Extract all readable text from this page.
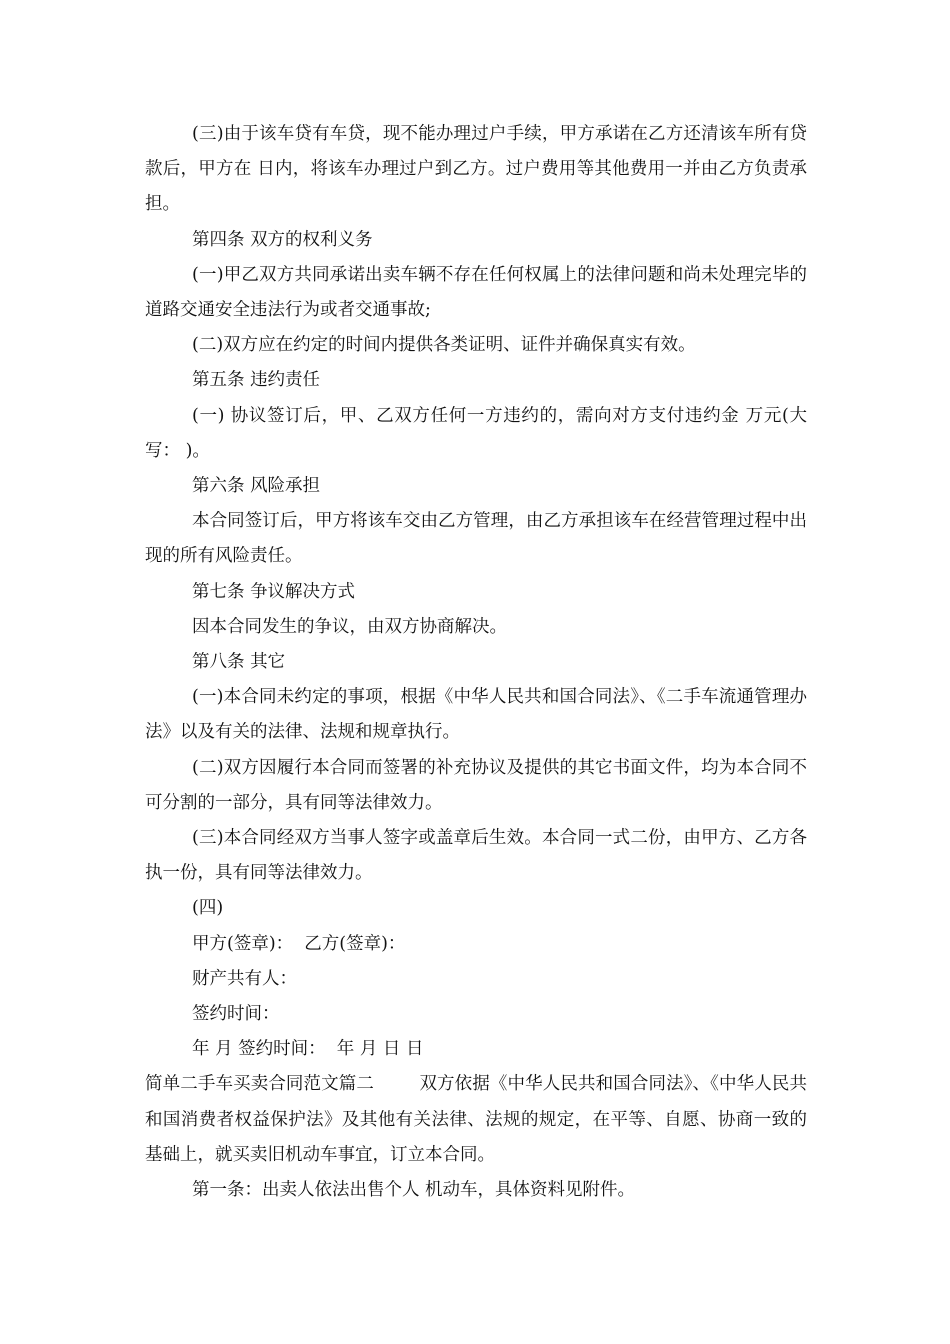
(三)由于该车贷有车贷，现不能办理过户手续，甲方承诺在乙方还清该车所有贷款后，甲方在 日内，将该车办理过户到乙方。过户费用等其他费用一并由乙方负责承担。

第四条 双方的权利义务

(一)甲乙双方共同承诺出卖车辆不存在任何权属上的法律问题和尚未处理完毕的道路交通安全违法行为或者交通事故;

(二)双方应在约定的时间内提供各类证明、证件并确保真实有效。

第五条 违约责任

(一) 协议签订后，甲、乙双方任何一方违约的，需向对方支付违约金 万元(大写： )。

第六条 风险承担

本合同签订后，甲方将该车交由乙方管理，由乙方承担该车在经营管理过程中出现的所有风险责任。

第七条 争议解决方式

因本合同发生的争议，由双方协商解决。

第八条 其它

(一)本合同未约定的事项，根据《中华人民共和国合同法》、《二手车流通管理办法》以及有关的法律、法规和规章执行。

(二)双方因履行本合同而签署的补充协议及提供的其它书面文件，均为本合同不可分割的一部分，具有同等法律效力。

(三)本合同经双方当事人签字或盖章后生效。本合同一式二份，由甲方、乙方各执一份，具有同等法律效力。

(四)

甲方(签章)：  乙方(签章)：

财产共有人：

签约时间：

年 月 签约时间：  年 月 日 日

简单二手车买卖合同范文篇二        双方依据《中华人民共和国合同法》、《中华人民共和国消费者权益保护法》及其他有关法律、法规的规定，在平等、自愿、协商一致的基础上，就买卖旧机动车事宜，订立本合同。

第一条：出卖人依法出售个人 机动车，具体资料见附件。
